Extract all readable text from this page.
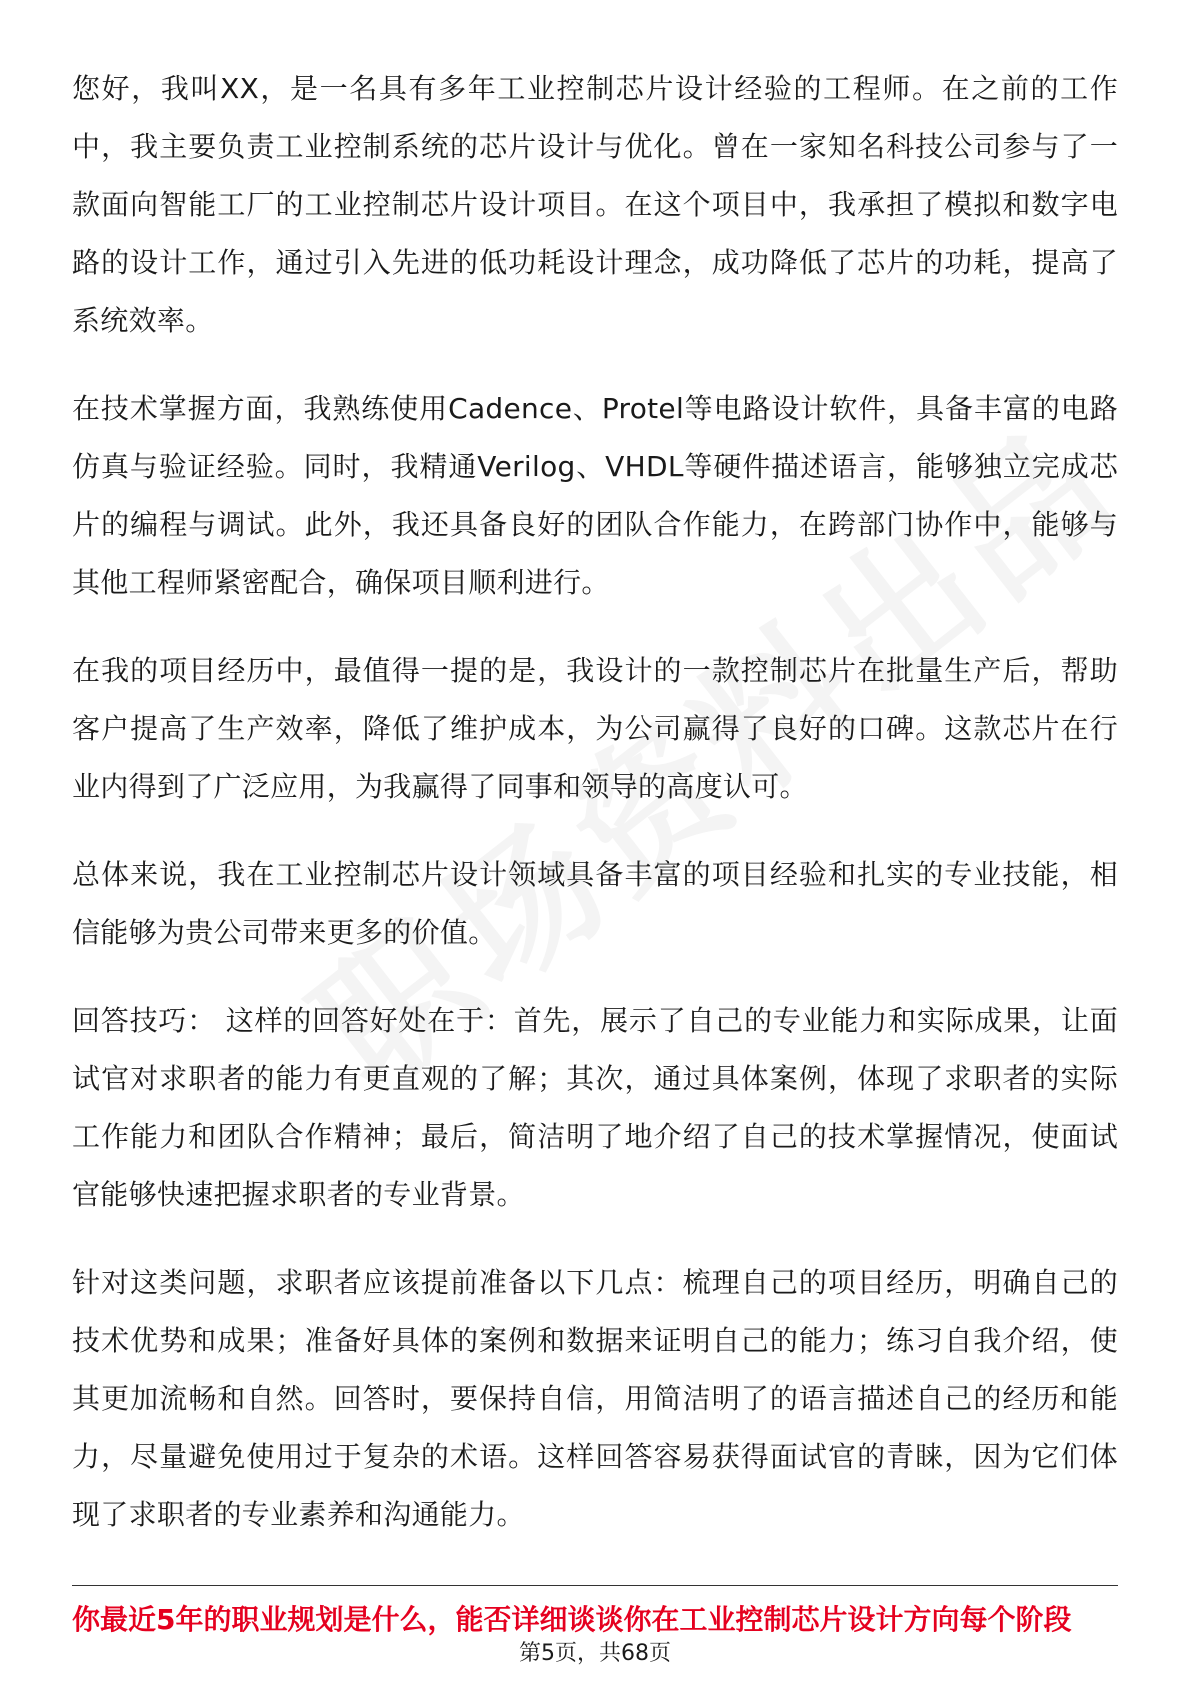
您好，我叫XX，是一名具有多年工业控制芯片设计经验的工程师。在之前的工作中，我主要负责工业控制系统的芯片设计与优化。曾在一家知名科技公司参与了一款面向智能工厂的工业控制芯片设计项目。在这个项目中，我承担了模拟和数字电路的设计工作，通过引入先进的低功耗设计理念，成功降低了芯片的功耗，提高了系统效率。

在技术掌握方面，我熟练使用Cadence、Protel等电路设计软件，具备丰富的电路仿真与验证经验。同时，我精通Verilog、VHDL等硬件描述语言，能够独立完成芯片的编程与调试。此外，我还具备良好的团队合作能力，在跨部门协作中，能够与其他工程师紧密配合，确保项目顺利进行。

在我的项目经历中，最值得一提的是，我设计的一款控制芯片在批量生产后，帮助客户提高了生产效率，降低了维护成本，为公司赢得了良好的口碑。这款芯片在行业内得到了广泛应用，为我赢得了同事和领导的高度认可。

总体来说，我在工业控制芯片设计领域具备丰富的项目经验和扎实的专业技能，相信能够为贵公司带来更多的价值。

回答技巧： 这样的回答好处在于：首先，展示了自己的专业能力和实际成果，让面试官对求职者的能力有更直观的了解；其次，通过具体案例，体现了求职者的实际工作能力和团队合作精神；最后，简洁明了地介绍了自己的技术掌握情况，使面试官能够快速把握求职者的专业背景。

针对这类问题，求职者应该提前准备以下几点：梳理自己的项目经历，明确自己的技术优势和成果；准备好具体的案例和数据来证明自己的能力；练习自我介绍，使其更加流畅和自然。回答时，要保持自信，用简洁明了的语言描述自己的经历和能力，尽量避免使用过于复杂的术语。这样回答容易获得面试官的青睐，因为它们体现了求职者的专业素养和沟通能力。

你最近5年的职业规划是什么，能否详细谈谈你在工业控制芯片设计方向每个阶段
第5页，共68页
